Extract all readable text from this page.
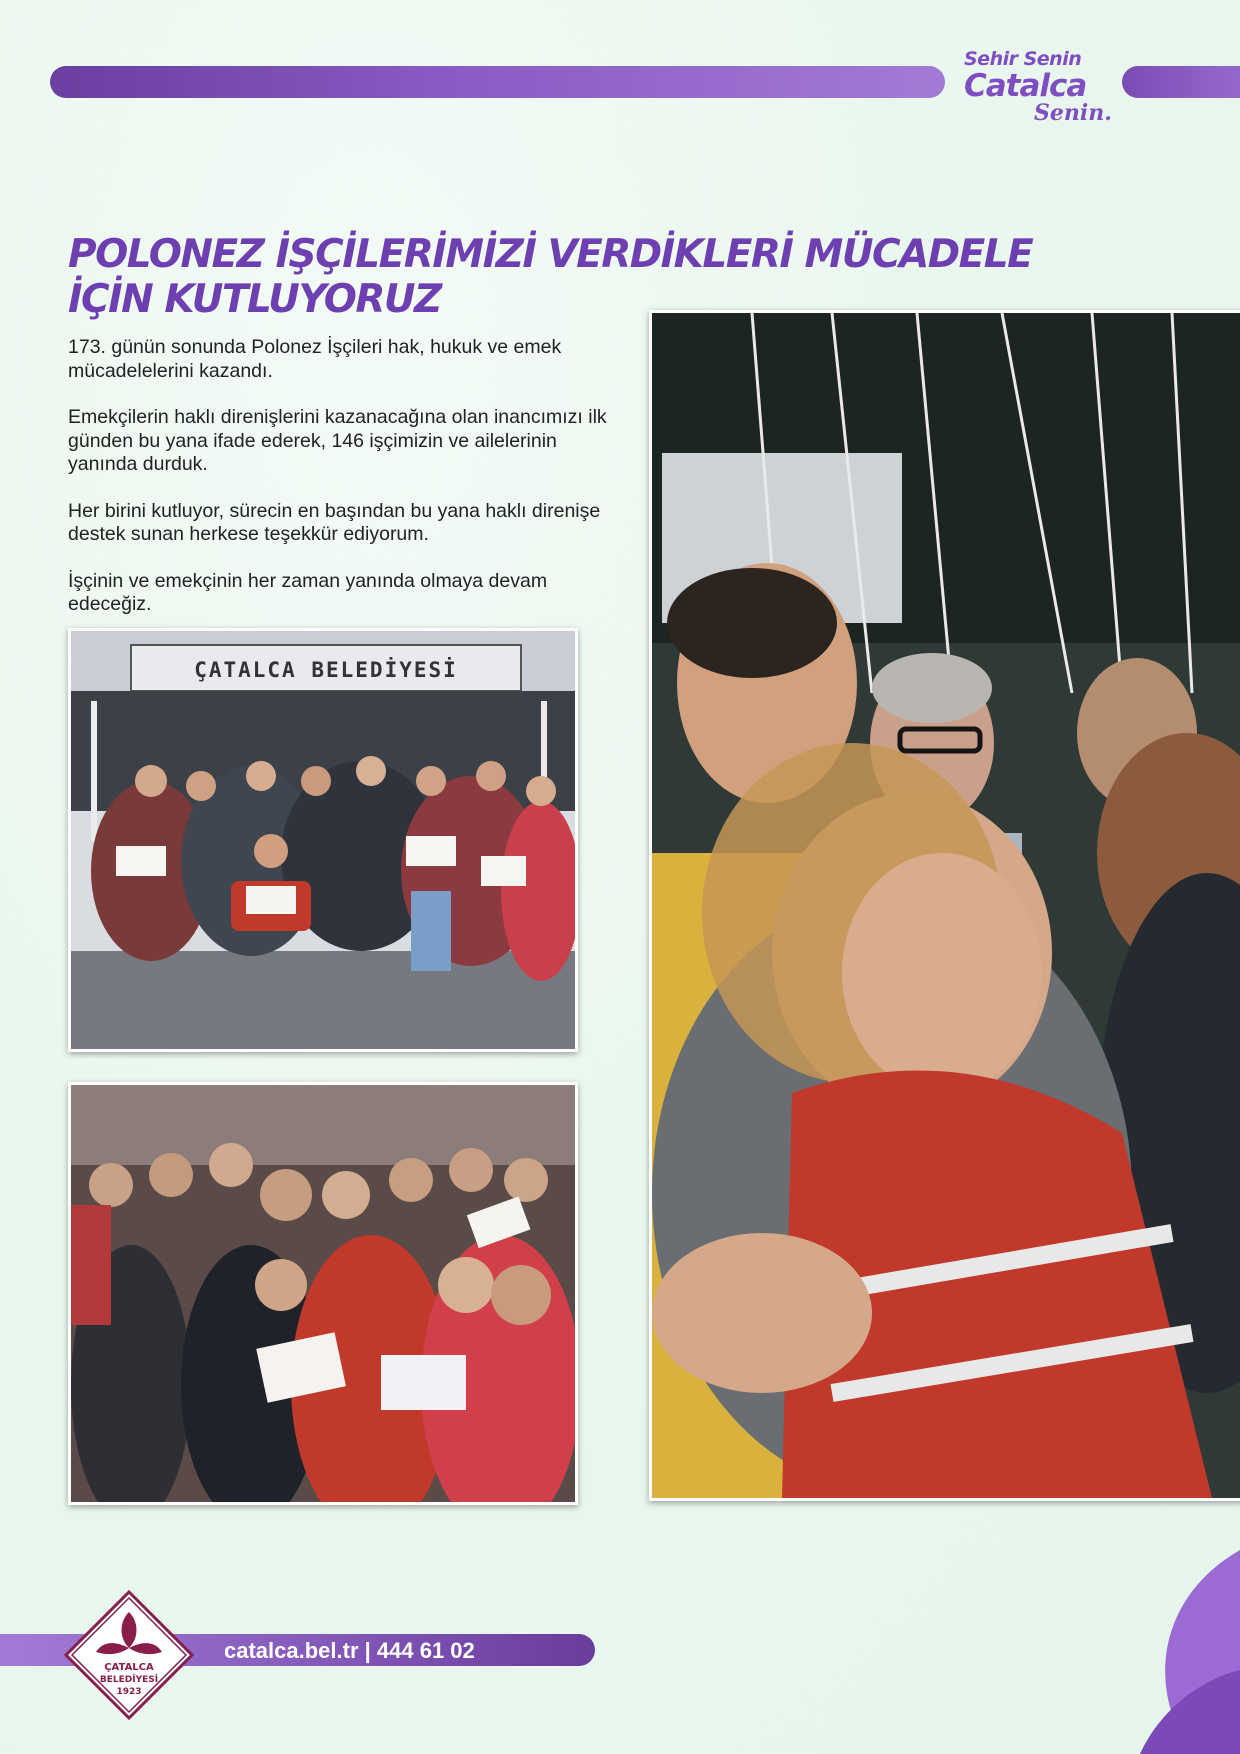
Sehir Senin
Catalca
Senin.
POLONEZ İŞÇİLERİMİZİ VERDİKLERİ MÜCADELE İÇİN KUTLUYORUZ

173. günün sonunda Polonez İşçileri hak, hukuk ve emek mücadelelerini kazandı.

Emekçilerin haklı direnişlerini kazanacağına olan inancımızı ilk günden bu yana ifade ederek, 146 işçimizin ve ailelerinin yanında durduk.

Her birini kutluyor, sürecin en başından bu yana haklı direnişe destek sunan herkese teşekkür ediyorum.

İşçinin ve emekçinin her zaman yanında olmaya devam edeceğiz.

ÇATALCA BELEDİYESİ
catalca.bel.tr | 444 61 02
ÇATALCA
BELEDİYESİ
1923
